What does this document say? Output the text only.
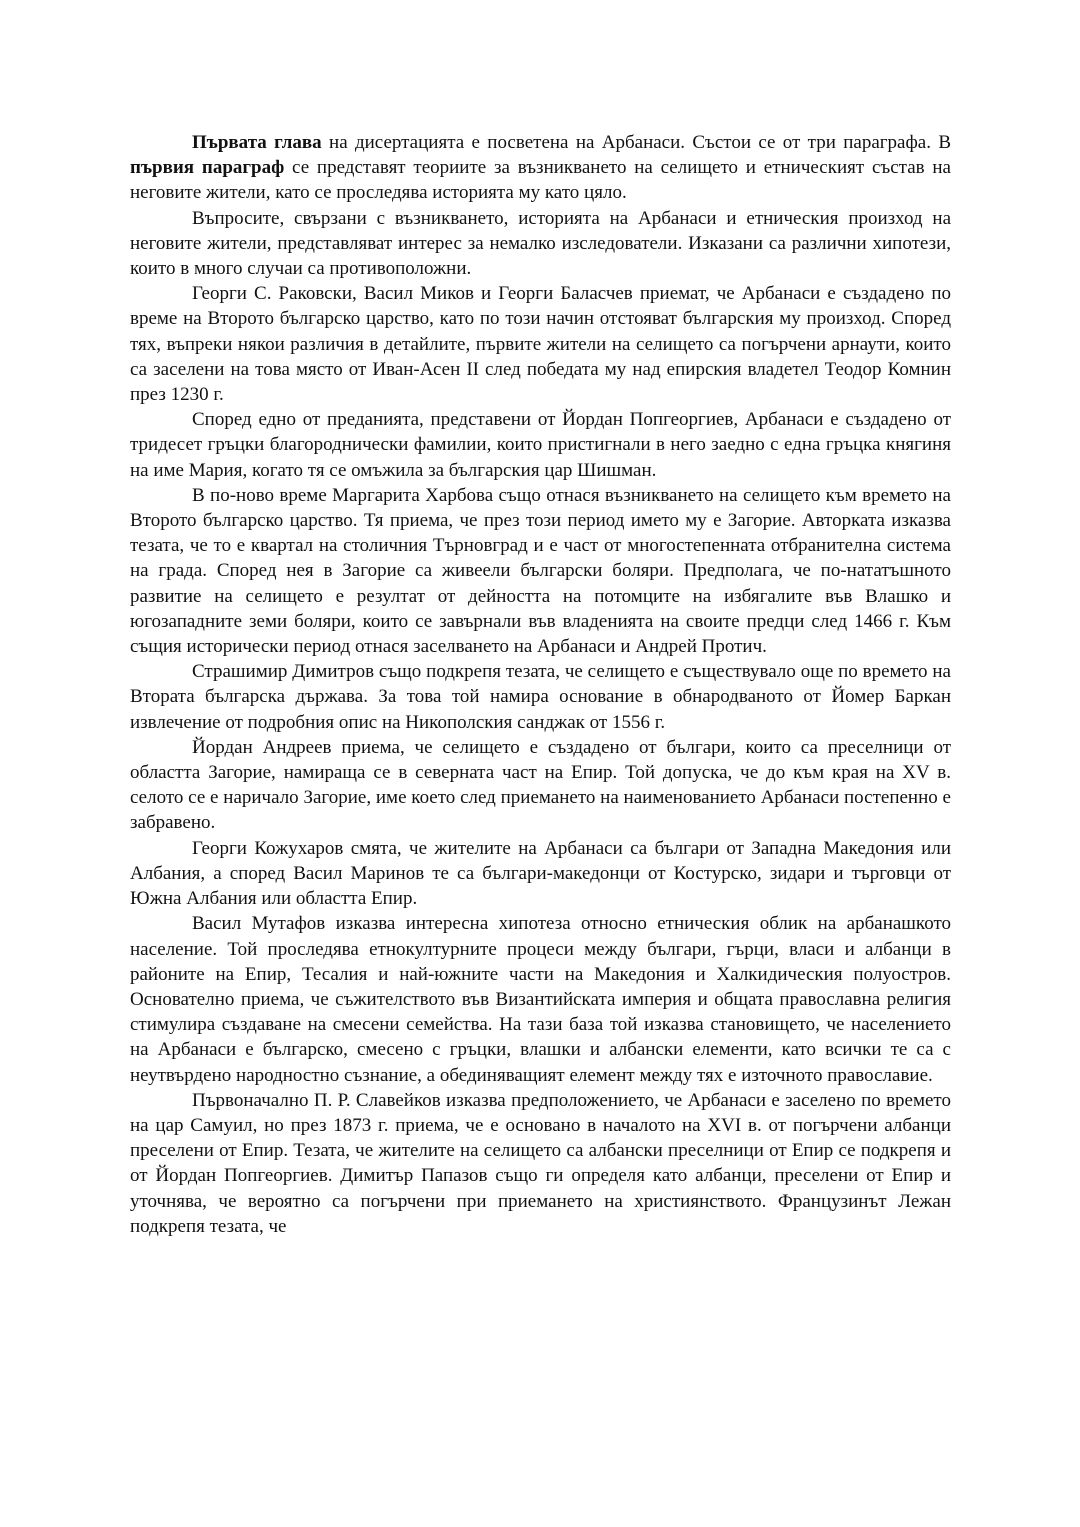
Първата глава на дисертацията е посветена на Арбанаси. Състои се от три параграфа. В първия параграф се представят теориите за възникването на селището и етническият състав на неговите жители, като се проследява историята му като цяло.

Въпросите, свързани с възникването, историята на Арбанаси и етническия произход на неговите жители, представляват интерес за немалко изследователи. Изказани са различни хипотези, които в много случаи са противоположни.

Георги С. Раковски, Васил Миков и Георги Баласчев приемат, че Арбанаси е създадено по време на Второто българско царство, като по този начин отстояват българския му произход. Според тях, въпреки някои различия в детайлите, първите жители на селището са погърчени арнаути, които са заселени на това място от Иван-Асен II след победата му над епирския владетел Теодор Комнин през 1230 г.

Според едно от преданията, представени от Йордан Попгеоргиев, Арбанаси е създадено от тридесет гръцки благороднически фамилии, които пристигнали в него заедно с една гръцка княгиня на име Мария, когато тя се омъжила за българския цар Шишман.

В по-ново време Маргарита Харбова също отнася възникването на селището към времето на Второто българско царство. Тя приема, че през този период името му е Загорие. Авторката изказва тезата, че то е квартал на столичния Търновград и е част от многостепенната отбранителна система на града. Според нея в Загорие са живеели български боляри. Предполага, че по-нататъшното развитие на селището е резултат от дейността на потомците на избягалите във Влашко и югозападните земи боляри, които се завърнали във владенията на своите предци след 1466 г. Към същия исторически период отнася заселването на Арбанаси и Андрей Протич.

Страшимир Димитров също подкрепя тезата, че селището е съществувало още по времето на Втората българска държава. За това той намира основание в обнародваното от Йомер Баркан извлечение от подробния опис на Никополския санджак от 1556 г.

Йордан Андреев приема, че селището е създадено от българи, които са преселници от областта Загорие, намираща се в северната част на Епир. Той допуска, че до към края на XV в. селото се е наричало Загорие, име което след приемането на наименованието Арбанаси постепенно е забравено.

Георги Кожухаров смята, че жителите на Арбанаси са българи от Западна Македония или Албания, а според Васил Маринов те са българи-македонци от Костурско, зидари и търговци от Южна Албания или областта Епир.

Васил Мутафов изказва интересна хипотеза относно етническия облик на арбанашкото население. Той проследява етнокултурните процеси между българи, гърци, власи и албанци в районите на Епир, Тесалия и най-южните части на Македония и Халкидическия полуостров. Основателно приема, че съжителството във Византийската империя и общата православна религия стимулира създаване на смесени семейства. На тази база той изказва становището, че населението на Арбанаси е българско, смесено с гръцки, влашки и албански елементи, като всички те са с неутвърдено народностно съзнание, а обединяващият елемент между тях е източното православие.

Първоначално П. Р. Славейков изказва предположението, че Арбанаси е заселено по времето на цар Самуил, но през 1873 г. приема, че е основано в началото на XVI в. от погърчени албанци преселени от Епир. Тезата, че жителите на селището са албански преселници от Епир се подкрепя и от Йордан Попгеоргиев. Димитър Папазов също ги определя като албанци, преселени от Епир и уточнява, че вероятно са погърчени при приемането на християнството. Французинът Лежан подкрепя тезата, че
